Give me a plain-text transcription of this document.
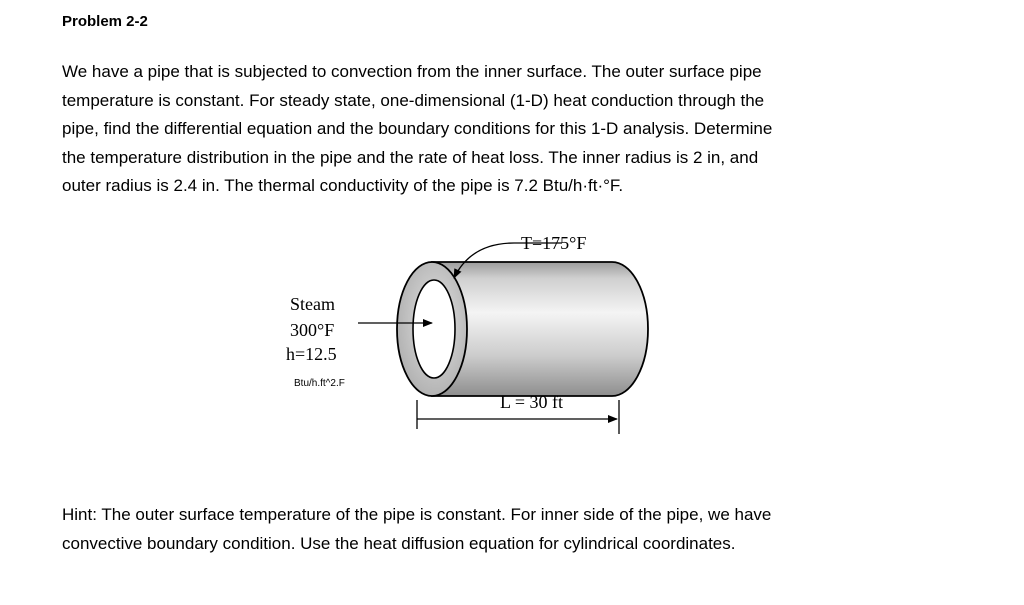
Problem 2-2
We have a pipe that is subjected to convection from the inner surface. The outer surface pipe
temperature is constant. For steady state, one-dimensional (1-D) heat conduction through the
pipe, find the differential equation and the boundary conditions for this 1-D analysis. Determine
the temperature distribution in the pipe and the rate of heat loss. The inner radius is 2 in, and
outer radius is 2.4 in. The thermal conductivity of the pipe is 7.2 Btu/h·ft·°F.
T=175°F
Steam
300°F
h=12.5
Btu/h.ft^2.F
L = 30 ft
Hint: The outer surface temperature of the pipe is constant. For inner side of the pipe, we have
convective boundary condition. Use the heat diffusion equation for cylindrical coordinates.
